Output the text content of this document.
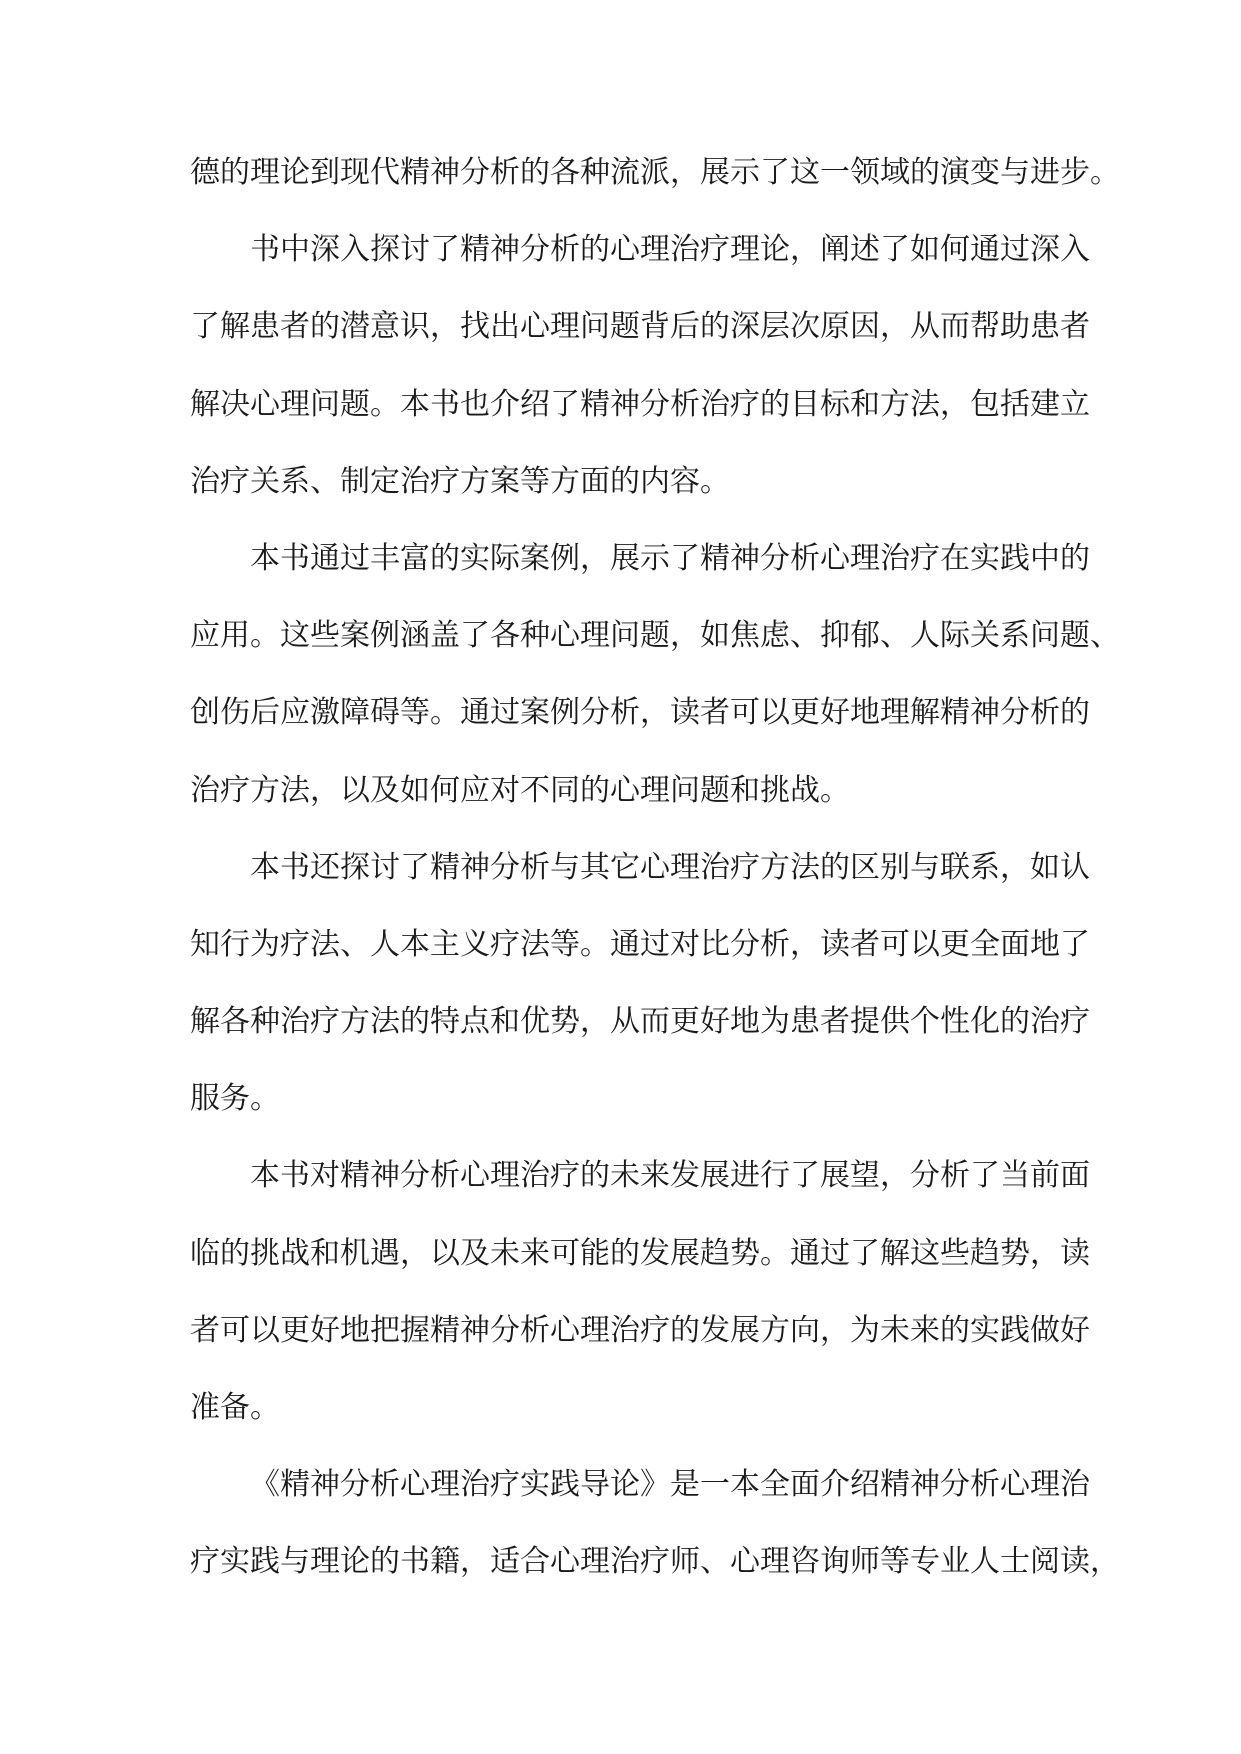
德的理论到现代精神分析的各种流派，展示了这一领域的演变与进步。
书中深入探讨了精神分析的心理治疗理论，阐述了如何通过深入
了解患者的潜意识，找出心理问题背后的深层次原因，从而帮助患者
解决心理问题。本书也介绍了精神分析治疗的目标和方法，包括建立
治疗关系、制定治疗方案等方面的内容。
本书通过丰富的实际案例，展示了精神分析心理治疗在实践中的
应用。这些案例涵盖了各种心理问题，如焦虑、抑郁、人际关系问题、
创伤后应激障碍等。通过案例分析，读者可以更好地理解精神分析的
治疗方法，以及如何应对不同的心理问题和挑战。
本书还探讨了精神分析与其它心理治疗方法的区别与联系，如认
知行为疗法、人本主义疗法等。通过对比分析，读者可以更全面地了
解各种治疗方法的特点和优势，从而更好地为患者提供个性化的治疗
服务。
本书对精神分析心理治疗的未来发展进行了展望，分析了当前面
临的挑战和机遇，以及未来可能的发展趋势。通过了解这些趋势，读
者可以更好地把握精神分析心理治疗的发展方向，为未来的实践做好
准备。
《精神分析心理治疗实践导论》是一本全面介绍精神分析心理治
疗实践与理论的书籍，适合心理治疗师、心理咨询师等专业人士阅读，
